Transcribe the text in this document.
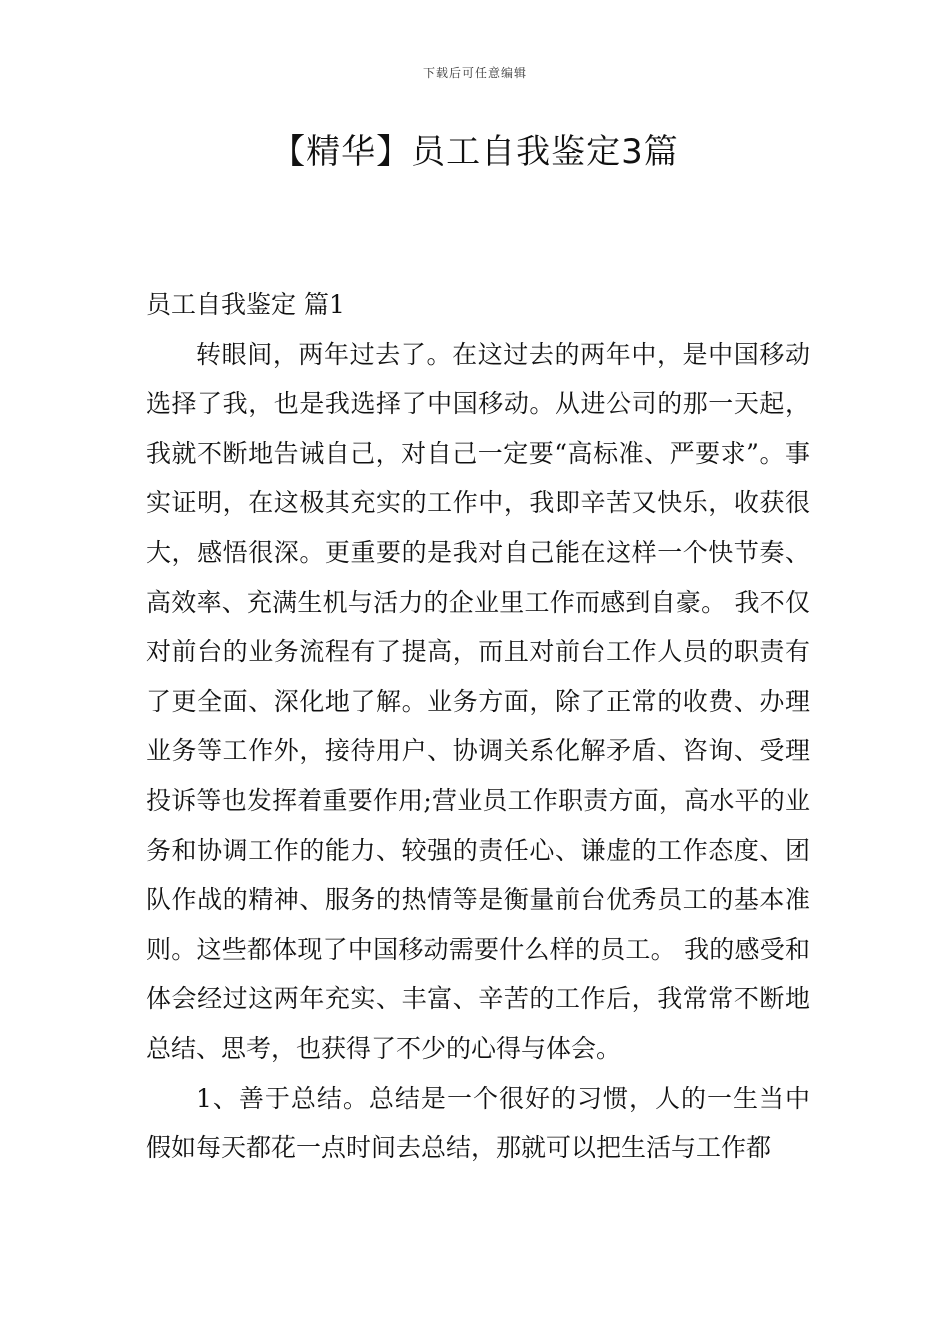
下载后可任意编辑
【精华】员工自我鉴定3篇
员工自我鉴定 篇1

转眼间，两年过去了。在这过去的两年中，是中国移动选择了我，也是我选择了中国移动。从进公司的那一天起，我就不断地告诫自己，对自己一定要“高标准、严要求”。事实证明，在这极其充实的工作中，我即辛苦又快乐，收获很大，感悟很深。更重要的是我对自己能在这样一个快节奏、高效率、充满生机与活力的企业里工作而感到自豪。 我不仅对前台的业务流程有了提高，而且对前台工作人员的职责有了更全面、深化地了解。业务方面，除了正常的收费、办理业务等工作外，接待用户、协调关系化解矛盾、咨询、受理投诉等也发挥着重要作用;营业员工作职责方面，高水平的业务和协调工作的能力、较强的责任心、谦虚的工作态度、团队作战的精神、服务的热情等是衡量前台优秀员工的基本准则。这些都体现了中国移动需要什么样的员工。 我的感受和体会经过这两年充实、丰富、辛苦的工作后，我常常不断地总结、思考，也获得了不少的心得与体会。

1、善于总结。总结是一个很好的习惯，人的一生当中假如每天都花一点时间去总结，那就可以把生活与工作都
